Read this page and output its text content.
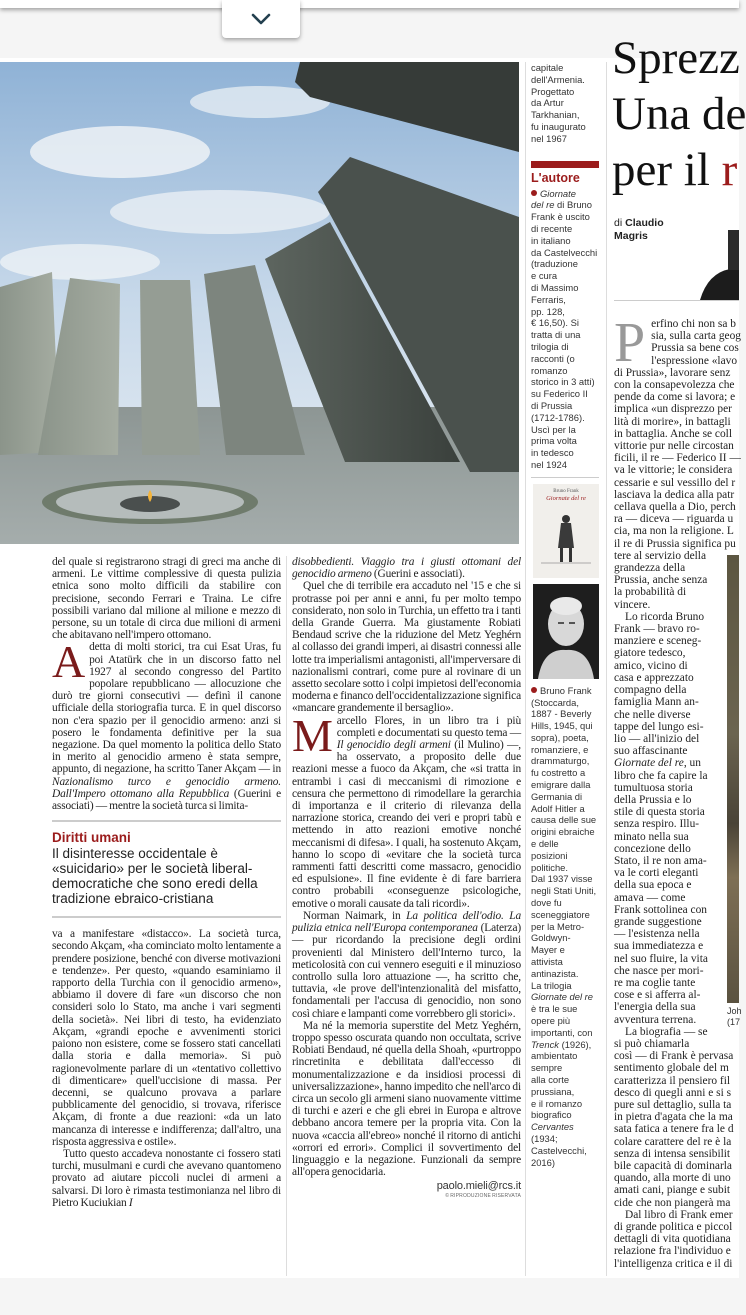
capitale
dell'Armenia.
Progettato
da Artur
Tarkhanian,
fu inaugurato
nel 1967
L'autore
Giornate
del re di Bruno
Frank è uscito
di recente
in italiano
da Castelvecchi
(traduzione
e cura
di Massimo
Ferraris,
pp. 128,
€ 16,50). Si
tratta di una
trilogia di
racconti (o
romanzo
storico in 3 atti)
su Federico II
di Prussia
(1712-1786).
Uscì per la
prima volta
in tedesco
nel 1924
Bruno Frank
Giornate del re
Bruno Frank
(Stoccarda,
1887 - Beverly
Hills, 1945, qui
sopra), poeta,
romanziere, e
drammaturgo,
fu costretto a
emigrare dalla
Germania di
Adolf Hitler a
causa delle sue
origini ebraiche
e delle
posizioni
politiche.
Dal 1937 visse
negli Stati Uniti,
dove fu
sceneggiatore
per la Metro-
Goldwyn-
Mayer e
attivista
antinazista.
La trilogia
Giornate del re
è tra le sue
opere più
importanti, con
Trenck (1926),
ambientato
sempre
alla corte
prussiana,
e il romanzo
biografico
Cervantes
(1934;
Castelvecchi,
2016)
Sprezz
Una de
per il r
di Claudio Magris
P erfino chi non sa b
sia, sulla carta geog
Prussia sa bene cos
l'espressione «lavo
di Prussia», lavorare senz
con la consapevolezza che
pende da come si lavora; e
implica «un disprezzo per
lità di morire», in battagli
in battaglia. Anche se coll
vittorie pur nelle circostan
ficili, il re — Federico II —
va le vittorie; le considera
cessarie e sul vessillo del r
lasciava la dedica alla patr
cellava quella a Dio, perch
ra — diceva — riguarda u
cia, ma non la religione. L
il re di Prussia significa pu
tere al servizio della
grandezza della
Prussia, anche senza
la probabilità di
vincere.
Lo ricorda Bruno
Frank — bravo ro-
manziere e sceneg-
giatore tedesco,
amico, vicino di
casa e apprezzato
compagno della
famiglia Mann an-
che nelle diverse
tappe del lungo esi-
lio — all'inizio del
suo affascinante
Giornate del re, un
libro che fa capire la
tumultuosa storia
della Prussia e lo
stile di questa storia
senza respiro. Illu-
minato nella sua
concezione dello
Stato, il re non ama-
va le corti eleganti
della sua epoca e
amava — come
Frank sottolinea con
grande suggestione
— l'esistenza nella
sua immediatezza e
nel suo fluire, la vita
che nasce per mori-
re ma coglie tante
cose e si afferra al-
l'energia della sua
avventura terrena.
La biografia — se
si può chiamarla
così — di Frank è pervasa
sentimento globale del m
caratterizza il pensiero fil
desco di quegli anni e si s
pure sul dettaglio, sulla ta
in pietra d'agata che la ma
sata fatica a tenere fra le d
colare carattere del re è la
senza di intensa sensibilit
bile capacità di dominarla
quando, alla morte di uno
amati cani, piange e subit
cide che non piangerà ma
Dal libro di Frank emer
di grande politica e piccol
dettagli di vita quotidiana
relazione fra l'individuo e
l'intelligenza critica e il di
Joh
(17

del quale si registrarono stragi di greci ma anche di armeni. Le vittime complessive di questa pulizia etnica sono molto difficili da stabilire con precisione, secondo Ferrari e Traina. Le cifre possibili variano dal milione al milione e mezzo di persone, su un totale di circa due milioni di armeni che abitavano nell'impero ottomano.

A detta di molti storici, tra cui Esat Uras, fu poi Atatürk che in un discorso fatto nel 1927 al secondo congresso del Partito popolare repubblicano — allocuzione che durò tre giorni consecutivi — definì il canone ufficiale della storiografia turca. E in quel discorso non c'era spazio per il genocidio armeno: anzi si posero le fondamenta definitive per la sua negazione. Da quel momento la politica dello Stato in merito al genocidio armeno è stata sempre, appunto, di negazione, ha scritto Taner Akçam — in Nazionalismo turco e genocidio armeno. Dall'Impero ottomano alla Repubblica (Guerini e associati) — mentre la società turca si limita-

Diritti umani
Il disinteresse occidentale è «suicidario» per le società liberal-democratiche che sono eredi della tradizione ebraico-cristiana

va a manifestare «distacco». La società turca, secondo Akçam, «ha cominciato molto lentamente a prendere posizione, benché con diverse motivazioni e tendenze». Per questo, «quando esaminiamo il rapporto della Turchia con il genocidio armeno», abbiamo il dovere di fare «un discorso che non consideri solo lo Stato, ma anche i vari segmenti della società». Nei libri di testo, ha evidenziato Akçam, «grandi epoche e avvenimenti storici paiono non esistere, come se fossero stati cancellati dalla storia e dalla memoria». Si può ragionevolmente parlare di un «tentativo collettivo di dimenticare» quell'uccisione di massa. Per decenni, se qualcuno provava a parlare pubblicamente del genocidio, si trovava, riferisce Akçam, di fronte a due reazioni: «da un lato mancanza di interesse e indifferenza; dall'altro, una risposta aggressiva e ostile».

Tutto questo accadeva nonostante ci fossero stati turchi, musulmani e curdi che avevano quantomeno provato ad aiutare piccoli nuclei di armeni a salvarsi. Di loro è rimasta testimonianza nel libro di Pietro Kuciukian I

disobbedienti. Viaggio tra i giusti ottomani del genocidio armeno (Guerini e associati).

Quel che di terribile era accaduto nel '15 e che si protrasse poi per anni e anni, fu per molto tempo considerato, non solo in Turchia, un effetto tra i tanti della Grande Guerra. Ma giustamente Robiati Bendaud scrive che la riduzione del Metz Yeghérn al collasso dei grandi imperi, ai disastri connessi alle lotte tra imperialismi antagonisti, all'imperversare di nazionalismi contrari, come pure al rovinare di un assetto secolare sotto i colpi impietosi dell'economia moderna e financo dell'occidentalizzazione significa «mancare grandemente il bersaglio».

Marcello Flores, in un libro tra i più completi e documentati su questo tema — Il genocidio degli armeni (il Mulino) —, ha osservato, a proposito delle due reazioni messe a fuoco da Akçam, che «si tratta in entrambi i casi di meccanismi di rimozione e censura che permettono di rimodellare la gerarchia di importanza e il criterio di rilevanza della narrazione storica, creando dei veri e propri tabù e mettendo in atto reazioni emotive nonché meccanismi di difesa». I quali, ha sostenuto Akçam, hanno lo scopo di «evitare che la società turca rammenti fatti descritti come massacro, genocidio ed espulsione». Il fine evidente è di fare barriera contro probabili «conseguenze psicologiche, emotive o morali causate da tali ricordi».

Norman Naimark, in La politica dell'odio. La pulizia etnica nell'Europa contemporanea (Laterza) — pur ricordando la precisione degli ordini provenienti dal Ministero dell'Interno turco, la meticolosità con cui vennero eseguiti e il minuzioso controllo sulla loro attuazione —, ha scritto che, tuttavia, «le prove dell'intenzionalità del misfatto, fondamentali per l'accusa di genocidio, non sono così chiare e lampanti come vorrebbero gli storici».

Ma né la memoria superstite del Metz Yeghérn, troppo spesso oscurata quando non occultata, scrive Robiati Bendaud, né quella della Shoah, «purtroppo rincretinita e debilitata dall'eccesso di monumentalizzazione e da insidiosi processi di universalizzazione», hanno impedito che nell'arco di circa un secolo gli armeni siano nuovamente vittime di turchi e azeri e che gli ebrei in Europa e altrove debbano ancora temere per la propria vita. Con la nuova «caccia all'ebreo» nonché il ritorno di antichi «orrori ed errori». Complici il sovvertimento del linguaggio e la negazione. Funzionali da sempre all'opera genocidaria.

paolo.mieli@rcs.it
© RIPRODUZIONE RISERVATA
